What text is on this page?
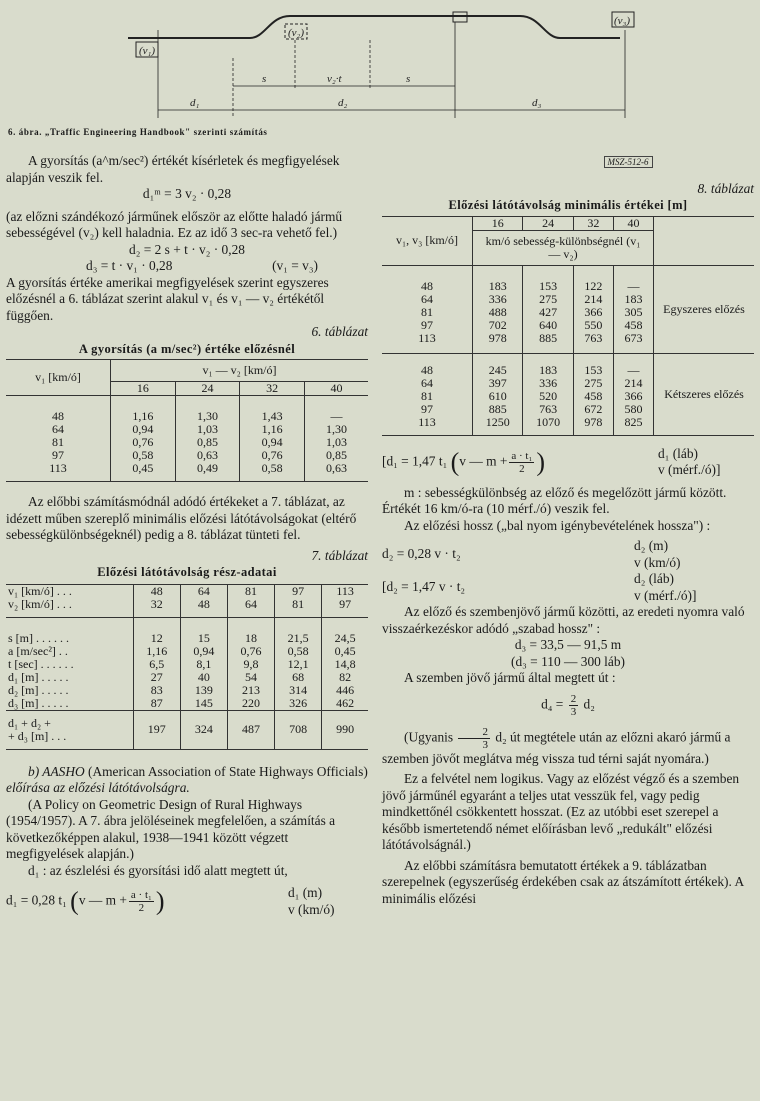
(v₁)
(v₂)
(v₃)
s	v₂·t	s
d₁	d₂	d₃
6. ábra. „Traffic Engineering Handbook" szerinti számítás

A gyorsítás (a^m/sec²) értékét kísérletek és megfigyelések alapján veszik fel.

d₁ᵐ = 3 v₂ · 0,28

(az előzni szándékozó járműnek először az előtte haladó jármű sebességével (v₂) kell haladnia. Ez az idő 3 sec-ra vehető fel.)

d₂ = 2 s + t · v₂ · 0,28

d₃ = t · v₁ · 0,28	(v₁ = v₃)

A gyorsítás értéke amerikai megfigyelések szerint egyszeres előzésnél a 6. táblázat szerint alakul v₁ és v₁ — v₂ értékétől függően.

6. táblázat

A gyorsítás (a m/sec²) értéke előzésnél

v₁ [km/ó]	v₁ — v₂ [km/ó]			
	16	24	32	40
48	1,16	1,30	1,43	—
64	0,94	1,03	1,16	1,30
81	0,76	0,85	0,94	1,03
97	0,58	0,63	0,76	0,85
113	0,45	0,49	0,58	0,63

Az előbbi számításmódnál adódó értékeket a 7. táblázat, az idézett műben szereplő minimális előzési látótávolságokat (eltérő sebességkülönbségeknél) pedig a 8. táblázat tünteti fel.

7. táblázat

Előzési látótávolság rész-adatai

v₁ [km/ó] . . .	48	64	81	97	113
v₂ [km/ó] . . .	32	48	64	81	97
s [m] . . . . . .	12	15	18	21,5	24,5
a [m/sec²] . .	1,16	0,94	0,76	0,58	0,45
t [sec] . . . . . .	6,5	8,1	9,8	12,1	14,8
d₁ [m] . . . . .	27	40	54	68	82
d₂ [m] . . . . .	83	139	213	314	446
d₃ [m] . . . . .	87	145	220	326	462
d₁ + d₂ +
+ d₃ [m] . . .	197	324	487	708	990

b) AASHO (American Association of State Highways Officials) előírása az előzési látótávolságra.

(A Policy on Geometric Design of Rural Highways (1954/1957). A 7. ábra jelöléseinek megfelelően, a számítás a következőképpen alakul, 1938—1941 között végzett megfigyelések alapján.)

d₁ : az észlelési és gyorsítási idő alatt megtett út,

d₁ = 0,28 t₁ (v — $m + \frac{\text{a · t₁}}{2}$ )	d₁ (m)
v (km/ó)

MSZ-512-6

8. táblázat

Előzési látótávolság minimális értékei [m]

v₁, v₃ [km/ó]	16	24	32	40	
	km/ó sebesség-különbségnél (v₁ — v₂)				
48	183	153	122	—	Egyszeres előzés
64	336	275	214	183	
81	488	427	366	305	
97	702	640	550	458	
113	978	885	763	673	
48	245	183	153	—	Kétszeres előzés
64	397	336	275	214	
81	610	520	458	366	
97	885	763	672	580	
113	1250	1070	978	825	
[d₁ = 1,47 t₁ (v — $m + \frac{\text{a · t₁}}{2}$ )	d₁ (láb)
v (mérf./ó)]

m : sebességkülönbség az előző és megelőzött jármű között. Értékét 16 km/ó-ra (10 mérf./ó) veszik fel.

Az előzési hossz („bal nyom igénybevételének hossza") :

d₂ = 0,28 v · t₂
d₂ (m)
v (km/ó)
[d₂ = 1,47 v · t₂
d₂ (láb)
v (mérf./ó)]

Az előző és szembenjövő jármű közötti, az eredeti nyomra való visszaérkezéskor adódó „szabad hossz" :

d₃ = 33,5 — 91,5 m

(d₃ = 110 — 300 láb)

A szemben jövő jármű által megtett út :

$d_4 = \frac{2}{3} d_2$

(Ugyanis $\frac{2}{3} d_2$ út megtétele után az előzni akaró jármű a szemben jövőt meglátva még vissza tud térni saját nyomára.)

Ez a felvétel nem logikus. Vagy az előzést végző és a szemben jövő járműnél egyaránt a teljes utat vesszük fel, vagy pedig mindkettőnél csökkentett hosszat. (Ez az utóbbi eset szerepel a később ismertetendő német előírásban levő „redukált" előzési látótávolságnál.)

Az előbbi számításra bemutatott értékek a 9. táblázatban szerepelnek (egyszerűség érdekében csak az átszámított értékek). A minimális előzési
